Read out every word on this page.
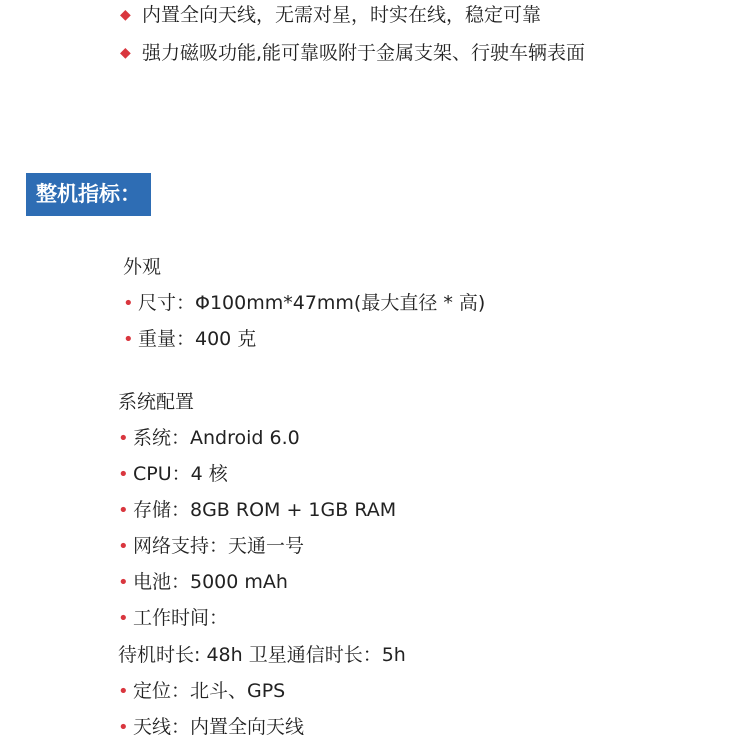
◆ 内置全向天线，无需对星，时实在线，稳定可靠
◆ 强力磁吸功能,能可靠吸附于金属支架、行驶车辆表面
整机指标：
外观
• 尺寸：Φ100mm*47mm(最大直径 * 高)
• 重量：400 克
系统配置
• 系统：Android 6.0
• CPU：4 核
• 存储：8GB ROM + 1GB RAM
• 网络支持：天通一号
• 电池：5000 mAh
• 工作时间：
待机时长: 48h 卫星通信时长：5h
• 定位：北斗、GPS
• 天线：内置全向天线
